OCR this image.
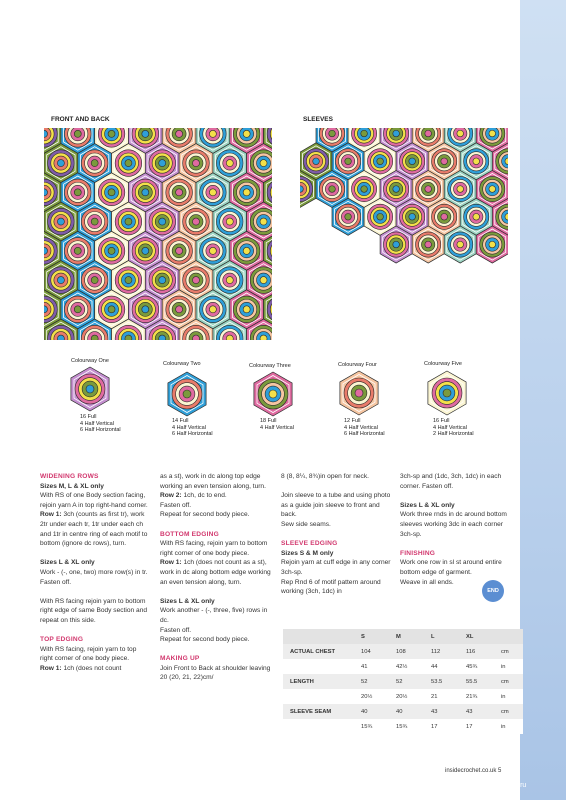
FRONT AND BACK	SLEEVES
Colourway One
16 Full
4 Half Vertical
6 Half Horizontal
Colourway Two
14 Full
4 Half Vertical
6 Half Horizontal
Colourway Three
18 Full
4 Half Vertical
Colourway Four
12 Full
4 Half Vertical
6 Half Horizontal
Colourway Five
16 Full
4 Half Vertical
2 Half Horizontal

WIDENING ROWS

Sizes M, L & XL only

With RS of one Body section facing, rejoin yarn A in top right-hand corner.

Row 1: 3ch (counts as first tr), work 2tr under each tr, 1tr under each ch and 1tr in centre ring of each motif to bottom (ignore dc rows), turn.

Sizes L & XL only

Work - (-, one, two) more row(s) in tr. Fasten off.

With RS facing rejoin yarn to bottom right edge of same Body section and repeat on this side.

TOP EDGING

With RS facing, rejoin yarn to top right corner of one body piece.

Row 1: 1ch (does not count

as a st), work in dc along top edge working an even tension along, turn.

Row 2: 1ch, dc to end.

Fasten off.

Repeat for second body piece.

BOTTOM EDGING

With RS facing, rejoin yarn to bottom right corner of one body piece.

Row 1: 1ch (does not count as a st), work in dc along bottom edge working an even tension along, turn.

Sizes L & XL only

Work another - (-, three, five) rows in dc.

Fasten off.

Repeat for second body piece.

MAKING UP

Join Front to Back at shoulder leaving 20 (20, 21, 22)cm/

8 (8, 8¼, 8¾)in open for neck.

Join sleeve to a tube and using photo as a guide join sleeve to front and back.

Sew side seams.

SLEEVE EDGING

Sizes S & M only

Rejoin yarn at cuff edge in any corner 3ch-sp.

Rep Rnd 6 of motif pattern around working (3ch, 1dc) in

3ch-sp and (1dc, 3ch, 1dc) in each corner. Fasten off.

Sizes L & XL only

Work three rnds in dc around bottom sleeves working 3dc in each corner 3ch-sp.

FINISHING

Work one row in sl st around entire bottom edge of garment.

Weave in all ends.

END
	S	M	L	XL	
ACTUAL CHEST	104	108	112	116	cm
	41	42½	44	45¾	in
LENGTH	52	52	53.5	55.5	cm
	20½	20½	21	21¾	in
SLEEVE SEAM	40	40	43	43	cm
	15¾	15¾	17	17	in
insidecrochet.co.uk 5
PassionForum.ru
